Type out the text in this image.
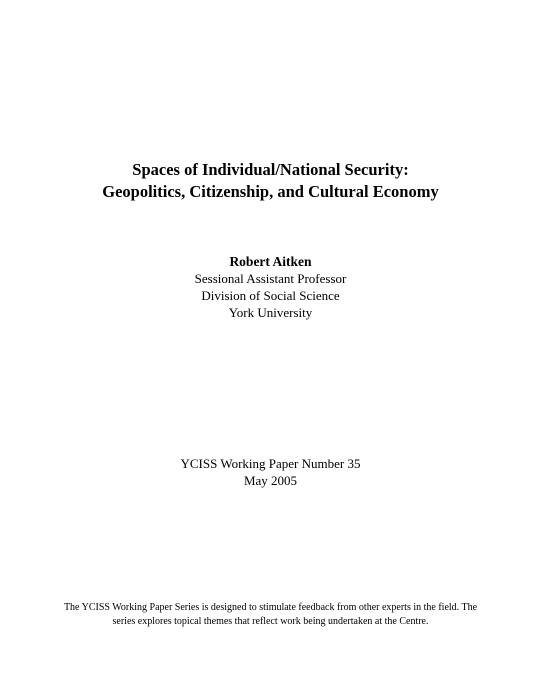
Spaces of Individual/National Security:
Geopolitics, Citizenship, and Cultural Economy
Robert Aitken
Sessional Assistant Professor
Division of Social Science
York University
YCISS Working Paper Number 35
May 2005
The YCISS Working Paper Series is designed to stimulate feedback from other experts in the field. The
series explores topical themes that reflect work being undertaken at the Centre.
